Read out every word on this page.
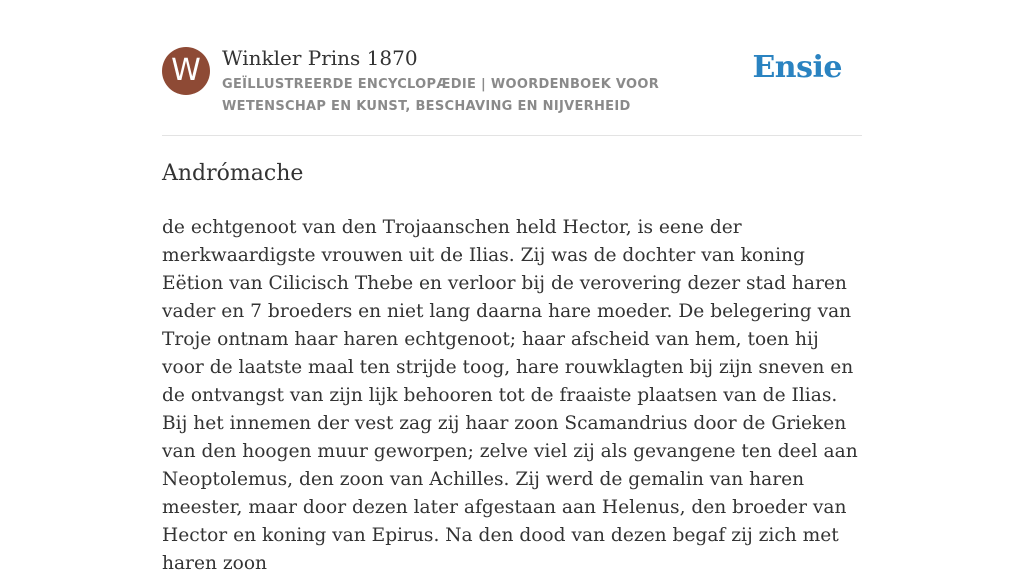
W	Winkler Prins 1870
GEÏLLUSTREERDE ENCYCLOPÆDIE | WOORDENBOEK VOOR WETENSCHAP EN KUNST, BESCHAVING EN NIJVERHEID
Ensie
Andrómache

de echtgenoot van den Trojaanschen held Hector, is eene der merkwaardigste vrouwen uit de Ilias. Zij was de dochter van koning Eëtion van Cilicisch Thebe en verloor bij de verovering dezer stad haren vader en 7 broeders en niet lang daarna hare moeder. De belegering van Troje ontnam haar haren echtgenoot; haar afscheid van hem, toen hij voor de laatste maal ten strijde toog, hare rouwklagten bij zijn sneven en de ontvangst van zijn lijk behooren tot de fraaiste plaatsen van de Ilias. Bij het innemen der vest zag zij haar zoon Scamandrius door de Grieken van den hoogen muur geworpen; zelve viel zij als gevangene ten deel aan Neoptolemus, den zoon van Achilles. Zij werd de gemalin van haren meester, maar door dezen later afgestaan aan Helenus, den broeder van Hector en koning van Epirus. Na den dood van dezen begaf zij zich met haren zoon
